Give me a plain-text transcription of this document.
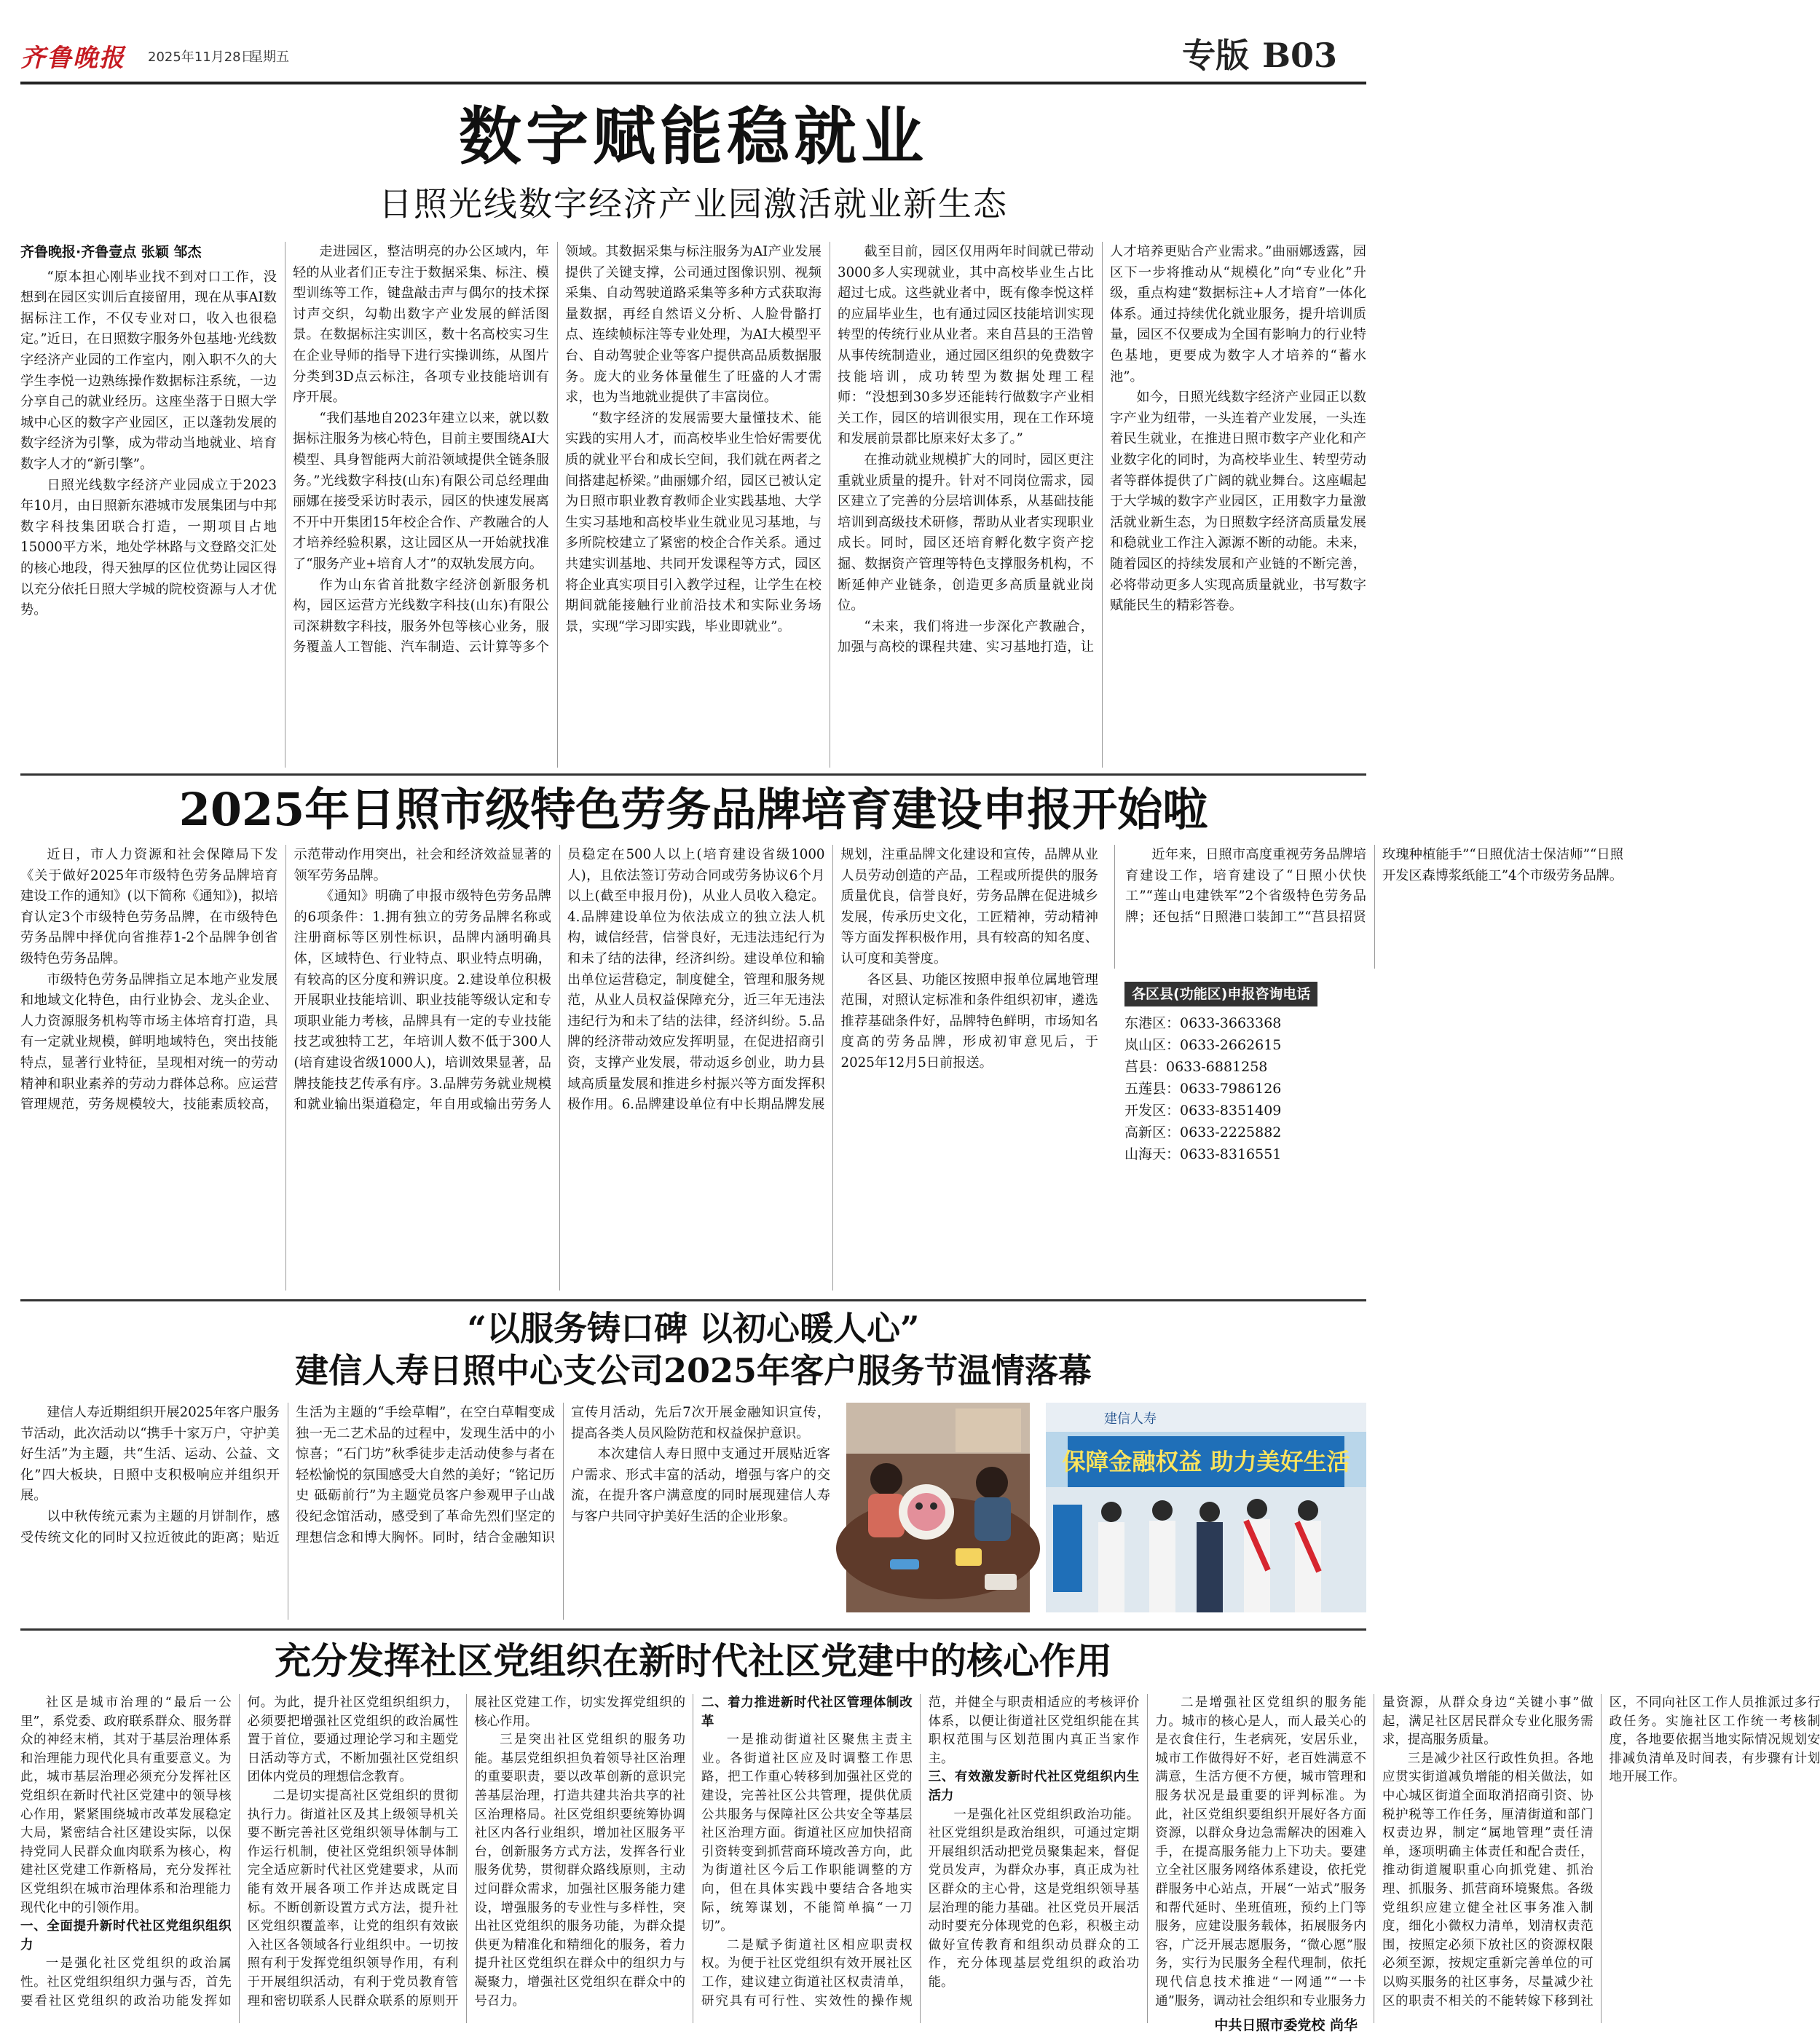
齐鲁晚报 2025年11月28日
星期五	专版 B03
数字赋能稳就业
日照光线数字经济产业园激活就业新生态

齐鲁晚报·齐鲁壹点 张颖 邹杰

“原本担心刚毕业找不到对口工作，没想到在园区实训后直接留用，现在从事AI数据标注工作，不仅专业对口，收入也很稳定。”近日，在日照数字服务外包基地·光线数字经济产业园的工作室内，刚入职不久的大学生李悦一边熟练操作数据标注系统，一边分享自己的就业经历。这座坐落于日照大学城中心区的数字产业园区，正以蓬勃发展的数字经济为引擎，成为带动当地就业、培育数字人才的“新引擎”。

日照光线数字经济产业园成立于2023年10月，由日照新东港城市发展集团与中邦数字科技集团联合打造，一期项目占地15000平方米，地处学林路与文登路交汇处的核心地段，得天独厚的区位优势让园区得以充分依托日照大学城的院校资源与人才优势。

走进园区，整洁明亮的办公区域内，年轻的从业者们正专注于数据采集、标注、模型训练等工作，键盘敲击声与偶尔的技术探讨声交织，勾勒出数字产业发展的鲜活图景。在数据标注实训区，数十名高校实习生在企业导师的指导下进行实操训练，从图片分类到3D点云标注，各项专业技能培训有序开展。

“我们基地自2023年建立以来，就以数据标注服务为核心特色，目前主要围绕AI大模型、具身智能两大前沿领域提供全链条服务。”光线数字科技(山东)有限公司总经理曲丽娜在接受采访时表示，园区的快速发展离不开中开集团15年校企合作、产教融合的人才培养经验积累，这让园区从一开始就找准了“服务产业+培育人才”的双轨发展方向。

作为山东省首批数字经济创新服务机构，园区运营方光线数字科技(山东)有限公司深耕数字科技，服务外包等核心业务，服务覆盖人工智能、汽车制造、云计算等多个领域。其数据采集与标注服务为AI产业发展提供了关键支撑，公司通过图像识别、视频采集、自动驾驶道路采集等多种方式获取海量数据，再经自然语义分析、人脸骨骼打点、连续帧标注等专业处理，为AI大模型平台、自动驾驶企业等客户提供高品质数据服务。庞大的业务体量催生了旺盛的人才需求，也为当地就业提供了丰富岗位。

“数字经济的发展需要大量懂技术、能实践的实用人才，而高校毕业生恰好需要优质的就业平台和成长空间，我们就在两者之间搭建起桥梁。”曲丽娜介绍，园区已被认定为日照市职业教育教师企业实践基地、大学生实习基地和高校毕业生就业见习基地，与多所院校建立了紧密的校企合作关系。通过共建实训基地、共同开发课程等方式，园区将企业真实项目引入教学过程，让学生在校期间就能接触行业前沿技术和实际业务场景，实现“学习即实践，毕业即就业”。

截至目前，园区仅用两年时间就已带动3000多人实现就业，其中高校毕业生占比超过七成。这些就业者中，既有像李悦这样的应届毕业生，也有通过园区技能培训实现转型的传统行业从业者。来自莒县的王浩曾从事传统制造业，通过园区组织的免费数字技能培训，成功转型为数据处理工程师：“没想到30多岁还能转行做数字产业相关工作，园区的培训很实用，现在工作环境和发展前景都比原来好太多了。”

在推动就业规模扩大的同时，园区更注重就业质量的提升。针对不同岗位需求，园区建立了完善的分层培训体系，从基础技能培训到高级技术研修，帮助从业者实现职业成长。同时，园区还培育孵化数字资产挖掘、数据资产管理等特色支撑服务机构，不断延伸产业链条，创造更多高质量就业岗位。

“未来，我们将进一步深化产教融合，加强与高校的课程共建、实习基地打造，让人才培养更贴合产业需求。”曲丽娜透露，园区下一步将推动从“规模化”向“专业化”升级，重点构建“数据标注+人才培育”一体化体系。通过持续优化就业服务，提升培训质量，园区不仅要成为全国有影响力的行业特色基地，更要成为数字人才培养的“蓄水池”。

如今，日照光线数字经济产业园正以数字产业为纽带，一头连着产业发展，一头连着民生就业，在推进日照市数字产业化和产业数字化的同时，为高校毕业生、转型劳动者等群体提供了广阔的就业舞台。这座崛起于大学城的数字产业园区，正用数字力量激活就业新生态，为日照数字经济高质量发展和稳就业工作注入源源不断的动能。未来，随着园区的持续发展和产业链的不断完善，必将带动更多人实现高质量就业，书写数字赋能民生的精彩答卷。

2025年日照市级特色劳务品牌培育建设申报开始啦

近日，市人力资源和社会保障局下发《关于做好2025年市级特色劳务品牌培育建设工作的通知》(以下简称《通知》)，拟培育认定3个市级特色劳务品牌，在市级特色劳务品牌中择优向省推荐1-2个品牌争创省级特色劳务品牌。

市级特色劳务品牌指立足本地产业发展和地域文化特色，由行业协会、龙头企业、人力资源服务机构等市场主体培育打造，具有一定就业规模，鲜明地域特色，突出技能特点，显著行业特征，呈现相对统一的劳动精神和职业素养的劳动力群体总称。应运营管理规范，劳务规模较大，技能素质较高，示范带动作用突出，社会和经济效益显著的领军劳务品牌。

《通知》明确了申报市级特色劳务品牌的6项条件：1.拥有独立的劳务品牌名称或注册商标等区别性标识，品牌内涵明确具体，区域特色、行业特点、职业特点明确，有较高的区分度和辨识度。2.建设单位积极开展职业技能培训、职业技能等级认定和专项职业能力考核，品牌具有一定的专业技能技艺或独特工艺，年培训人数不低于300人(培育建设省级1000人)，培训效果显著，品牌技能技艺传承有序。3.品牌劳务就业规模和就业输出渠道稳定，年自用或输出劳务人员稳定在500人以上(培育建设省级1000人)，且依法签订劳动合同或劳务协议6个月以上(截至申报月份)，从业人员收入稳定。4.品牌建设单位为依法成立的独立法人机构，诚信经营，信誉良好，无违法违纪行为和未了结的法律，经济纠纷。建设单位和输出单位运营稳定，制度健全，管理和服务规范，从业人员权益保障充分，近三年无违法违纪行为和未了结的法律，经济纠纷。5.品牌的经济带动效应发挥明显，在促进招商引资，支撑产业发展，带动返乡创业，助力县域高质量发展和推进乡村振兴等方面发挥积极作用。6.品牌建设单位有中长期品牌发展规划，注重品牌文化建设和宣传，品牌从业人员劳动创造的产品，工程或所提供的服务质量优良，信誉良好，劳务品牌在促进城乡发展，传承历史文化，工匠精神，劳动精神等方面发挥积极作用，具有较高的知名度、认可度和美誉度。

各区县、功能区按照申报单位属地管理范围，对照认定标准和条件组织初审，遴选推荐基础条件好，品牌特色鲜明，市场知名度高的劳务品牌，形成初审意见后，于2025年12月5日前报送。

近年来，日照市高度重视劳务品牌培育建设工作，培育建设了“日照小伏快工”“莲山电建铁军”2个省级特色劳务品牌；还包括“日照港口装卸工”“莒县招贤玫瑰种植能手”“日照优洁士保洁师”“日照开发区森博浆纸能工”4个市级劳务品牌。

各区县(功能区)申报咨询电话
东港区：0633-3663368
岚山区：0633-2662615
莒县：0633-6881258
五莲县：0633-7986126
开发区：0633-8351409
高新区：0633-2225882
山海天：0633-8316551
“以服务铸口碑 以初心暖人心”
建信人寿日照中心支公司2025年客户服务节温情落幕

建信人寿近期组织开展2025年客户服务节活动，此次活动以“携手十家万户，守护美好生活”为主题，共“生活、运动、公益、文化”四大板块，日照中支积极响应并组织开展。

以中秋传统元素为主题的月饼制作，感受传统文化的同时又拉近彼此的距离；贴近生活为主题的“手绘草帽”，在空白草帽变成独一无二艺术品的过程中，发现生活中的小惊喜；“石门坊”秋季徒步走活动使参与者在轻松愉悦的氛围感受大自然的美好；“铭记历史 砥砺前行”为主题党员客户参观甲子山战役纪念馆活动，感受到了革命先烈们坚定的理想信念和博大胸怀。同时，结合金融知识宣传月活动，先后7次开展金融知识宣传，提高各类人员风险防范和权益保护意识。

本次建信人寿日照中支通过开展贴近客户需求、形式丰富的活动，增强与客户的交流，在提升客户满意度的同时展现建信人寿与客户共同守护美好生活的企业形象。

保障金融权益 助力美好生活
建信人寿
充分发挥社区党组织在新时代社区党建中的核心作用

社区是城市治理的“最后一公里”，系党委、政府联系群众、服务群众的神经末梢，其对于基层治理体系和治理能力现代化具有重要意义。为此，城市基层治理必须充分发挥社区党组织在新时代社区党建中的领导核心作用，紧紧围绕城市改革发展稳定大局，紧密结合社区建设实际，以保持党同人民群众血肉联系为核心，构建社区党建工作新格局，充分发挥社区党组织在城市治理体系和治理能力现代化中的引领作用。

一、全面提升新时代社区党组织组织力

一是强化社区党组织的政治属性。社区党组织组织力强与否，首先要看社区党组织的政治功能发挥如何。为此，提升社区党组织组织力，必须要把增强社区党组织的政治属性置于首位，要通过理论学习和主题党日活动等方式，不断加强社区党组织团体内党员的理想信念教育。

二是切实提高社区党组织的贯彻执行力。街道社区及其上级领导机关要不断完善社区党组织领导体制与工作运行机制，使社区党组织领导体制完全适应新时代社区党建要求，从而能有效开展各项工作并达成既定目标。不断创新设置方式方法，提升社区党组织覆盖率，让党的组织有效嵌入社区各领域各行业组织中。一切按照有利于发挥党组织领导作用，有利于开展组织活动，有利于党员教育管理和密切联系人民群众联系的原则开展社区党建工作，切实发挥党组织的核心作用。

三是突出社区党组织的服务功能。基层党组织担负着领导社区治理的重要职责，要以改革创新的意识完善基层治理，打造共建共治共享的社区治理格局。社区党组织要统筹协调社区内各行业组织，增加社区服务平台，创新服务方式方法，发挥各行业服务优势，贯彻群众路线原则，主动过问群众需求，加强社区服务能力建设，增强服务的专业性与多样性，突出社区党组织的服务功能，为群众提供更为精准化和精细化的服务，着力提升社区党组织在群众中的组织力与凝聚力，增强社区党组织在群众中的号召力。

二、着力推进新时代社区管理体制改革

一是推动街道社区聚焦主责主业。各街道社区应及时调整工作思路，把工作重心转移到加强社区党的建设，完善社区公共管理，提供优质公共服务与保障社区公共安全等基层社区治理方面。街道社区应加快招商引资转变到抓营商环境改善方向，此为街道社区今后工作职能调整的方向，但在具体实践中要结合各地实际，统筹谋划，不能简单搞“一刀切”。

二是赋予街道社区相应职责权权。为便于社区党组织有效开展社区工作，建议建立街道社区权责清单，研究具有可行性、实效性的操作规范，并健全与职责相适应的考核评价体系，以便让街道社区党组织能在其职权范围与区划范围内真正当家作主。

三、有效激发新时代社区党组织内生活力

一是强化社区党组织政治功能。社区党组织是政治组织，可通过定期开展组织活动把党员聚集起来，督促党员发声，为群众办事，真正成为社区群众的主心骨，这是党组织领导基层治理的能力基础。社区党员开展活动时要充分体现党的色彩，积极主动做好宣传教育和组织动员群众的工作，充分体现基层党组织的政治功能。

二是增强社区党组织的服务能力。城市的核心是人，而人最关心的是衣食住行，生老病死，安居乐业，城市工作做得好不好，老百姓满意不满意，生活方便不方便，城市管理和服务状况是最重要的评判标准。为此，社区党组织要组织开展好各方面资源，以群众身边急需解决的困难入手，在提高服务能力上下功夫。要建立全社区服务网络体系建设，依托党群服务中心站点，开展“一站式”服务和帮代延时、坐班值班，预约上门等服务，应建设服务载体，拓展服务内容，广泛开展志愿服务，“微心愿”服务，实行为民服务全程代理制，依托现代信息技术推进“一网通”“一卡通”服务，调动社会组织和专业服务力量资源，从群众身边“关键小事”做起，满足社区居民群众专业化服务需求，提高服务质量。

三是减少社区行政性负担。各地应贯实街道减负增能的相关做法，如中心城区街道全面取消招商引资、协税护税等工作任务，厘清街道和部门权责边界，制定“属地管理”责任清单，逐项明确主体责任和配合责任，推动街道履职重心向抓党建、抓治理、抓服务、抓营商环境聚焦。各级党组织应建立健全社区事务准入制度，细化小微权力清单，划清权责范围，按照定必须下放社区的资源权限必须至源，按规定重新完善单位的可以购买服务的社区事务，尽量减少社区的职责不相关的不能转嫁下移到社区，不同向社区工作人员推派过多行政任务。实施社区工作统一考核制度，各地要依据当地实际情况规划安排减负清单及时间表，有步骤有计划地开展工作。

中共日照市委党校 尚华
